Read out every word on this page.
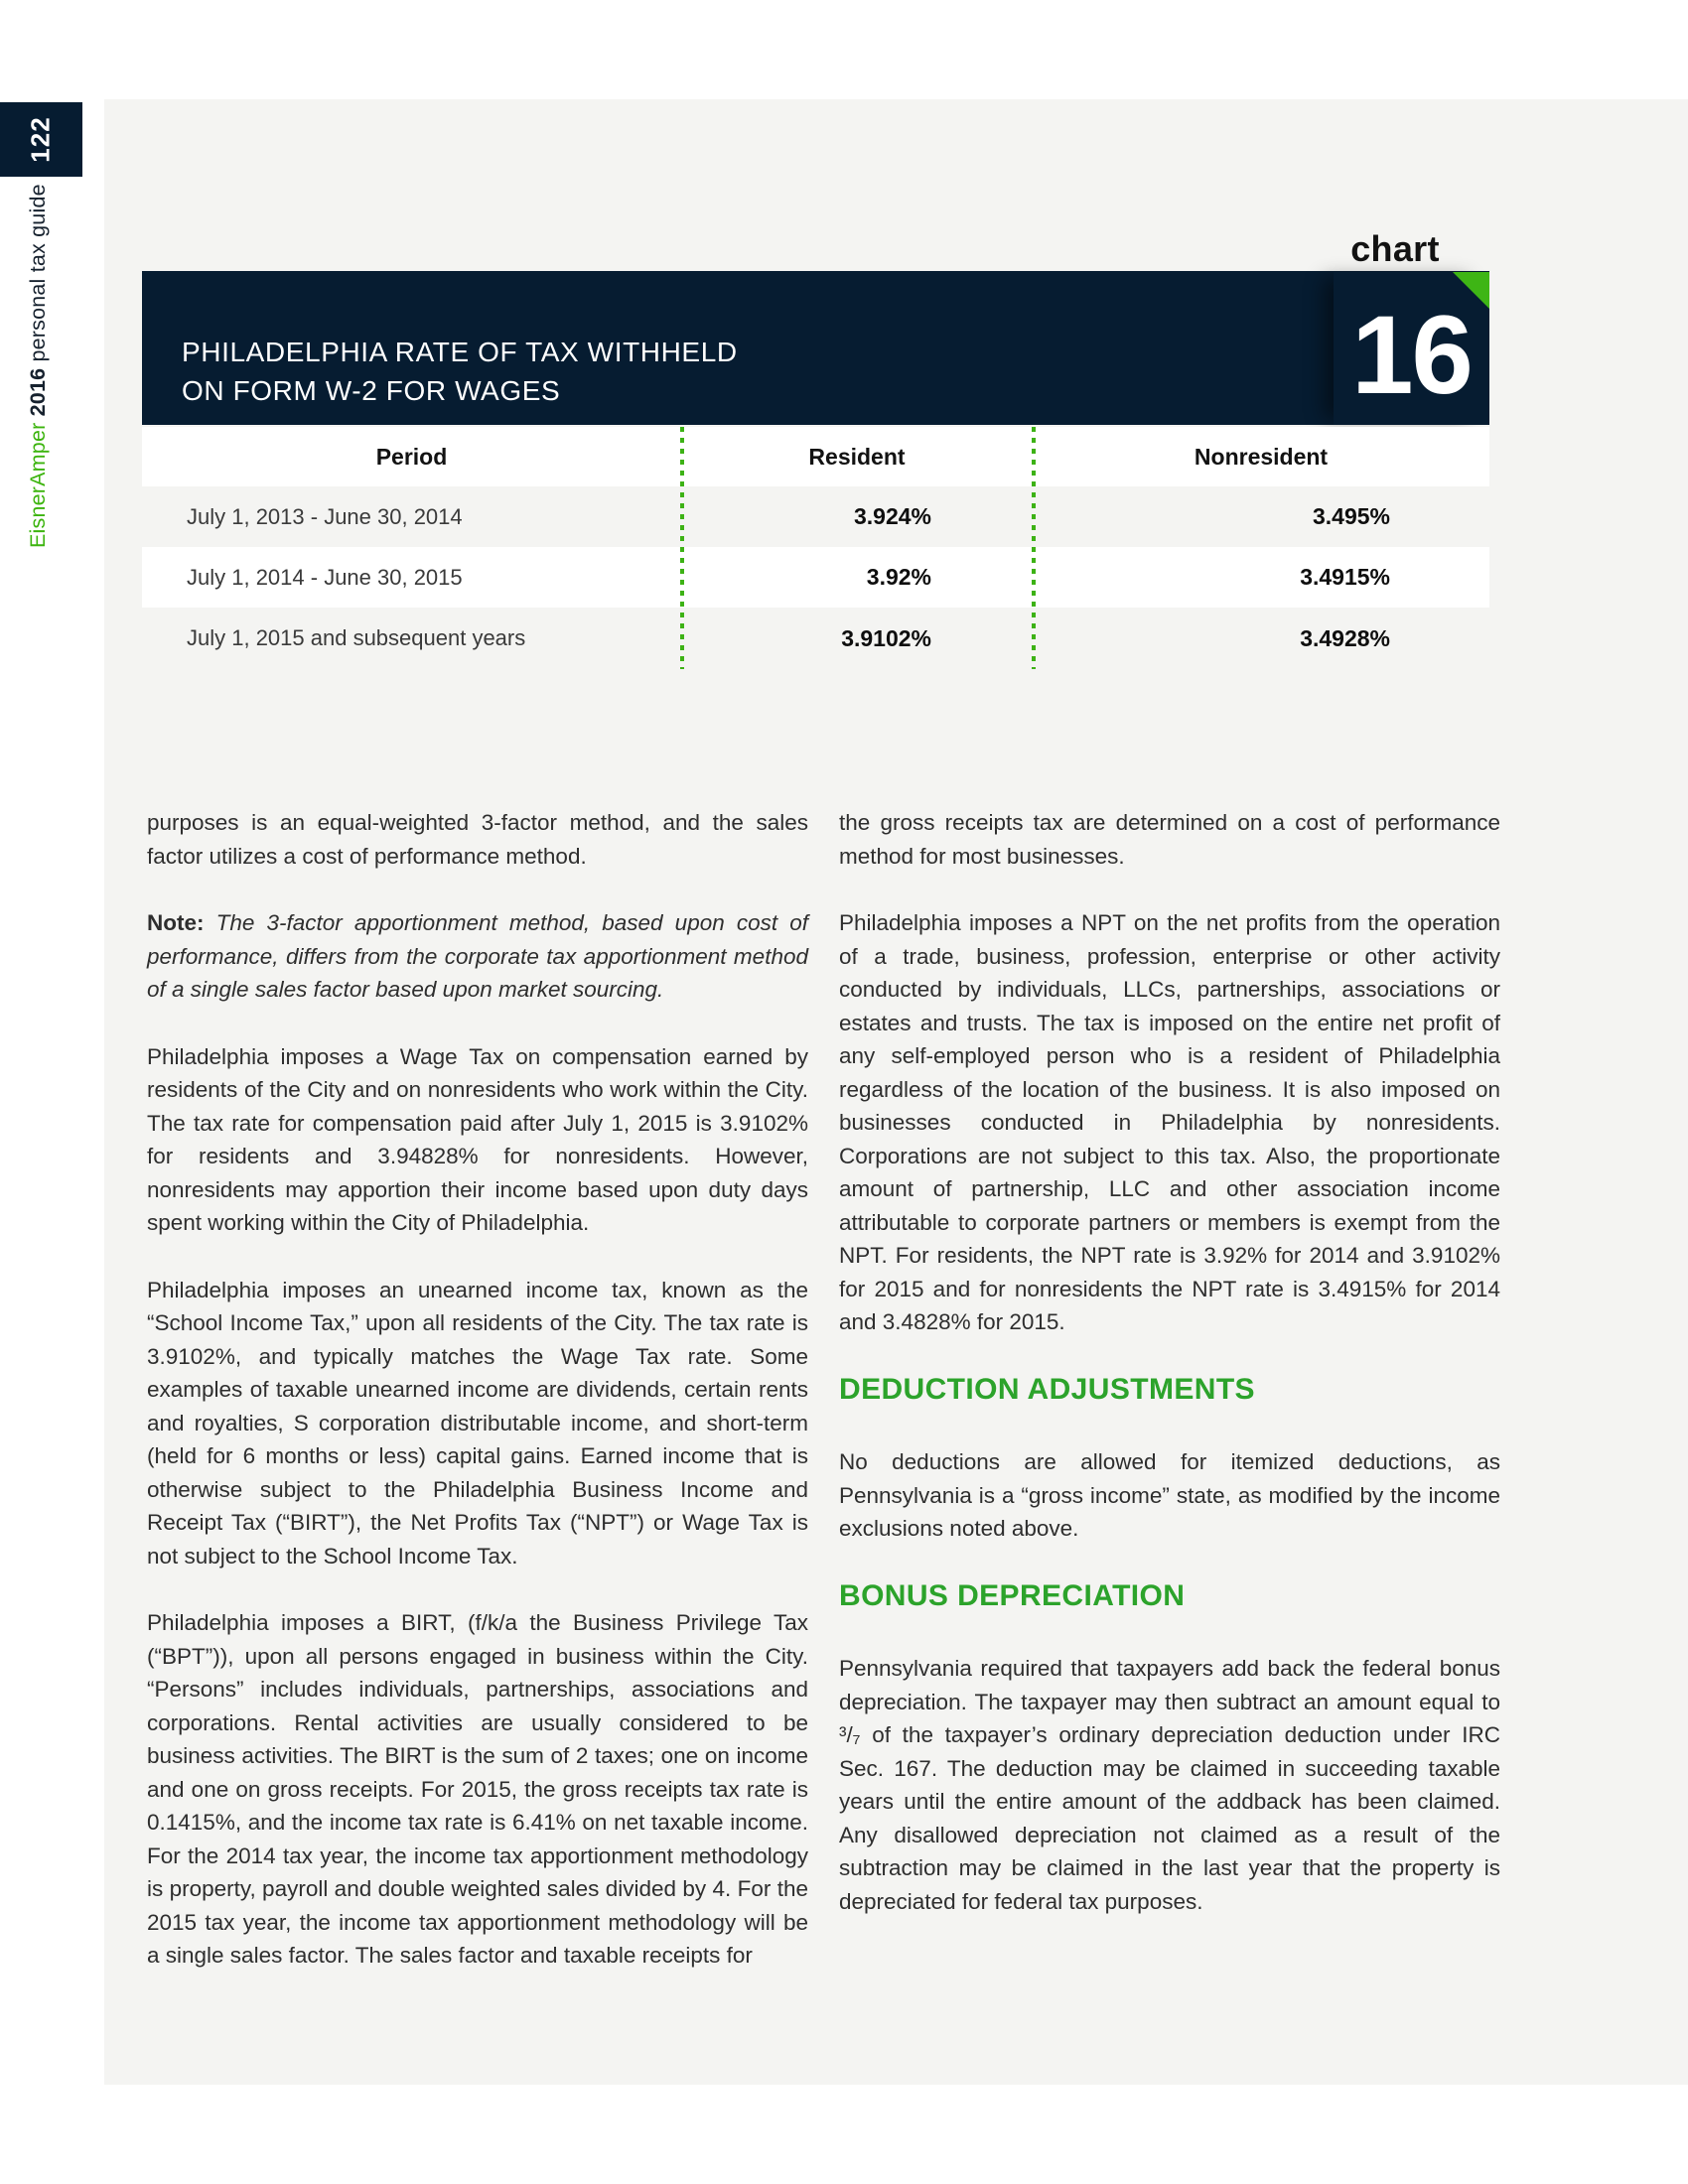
122
EisnerAmper 2016 personal tax guide	chart
PHILADELPHIA RATE OF TAX WITHHELD
ON FORM W-2 FOR WAGES	16
Period	Resident	Nonresident
July 1, 2013 - June 30, 2014	3.924%	3.495%
July 1, 2014 - June 30, 2015	3.92%	3.4915%
July 1, 2015 and subsequent years	3.9102%	3.4928%

purposes is an equal-weighted 3-factor method, and the sales factor utilizes a cost of performance method.

Note: The 3-factor apportionment method, based upon cost of performance, differs from the corporate tax apportionment method of a single sales factor based upon market sourcing.

Philadelphia imposes a Wage Tax on compensation earned by residents of the City and on nonresidents who work within the City. The tax rate for compensation paid after July 1, 2015 is 3.9102% for residents and 3.94828% for nonresidents. However, nonresidents may apportion their income based upon duty days spent working within the City of Philadelphia.

Philadelphia imposes an unearned income tax, known as the “School Income Tax,” upon all residents of the City. The tax rate is 3.9102%, and typically matches the Wage Tax rate. Some examples of taxable unearned income are dividends, certain rents and royalties, S corporation distributable income, and short-term (held for 6 months or less) capital gains. Earned income that is otherwise subject to the Philadelphia Business Income and Receipt Tax (“BIRT”), the Net Profits Tax (“NPT”) or Wage Tax is not subject to the School Income Tax.

Philadelphia imposes a BIRT, (f/k/a the Business Privilege Tax (“BPT”)), upon all persons engaged in business within the City. “Persons” includes individuals, partnerships, associations and corporations. Rental activities are usually considered to be business activities. The BIRT is the sum of 2 taxes; one on income and one on gross receipts. For 2015, the gross receipts tax rate is 0.1415%, and the income tax rate is 6.41% on net taxable income. For the 2014 tax year, the income tax apportionment methodology is property, payroll and double weighted sales divided by 4. For the 2015 tax year, the income tax apportionment methodology will be a single sales factor. The sales factor and taxable receipts for

the gross receipts tax are determined on a cost of performance method for most businesses.

Philadelphia imposes a NPT on the net profits from the operation of a trade, business, profession, enterprise or other activity conducted by individuals, LLCs, partnerships, associations or estates and trusts. The tax is imposed on the entire net profit of any self-employed person who is a resident of Philadelphia regardless of the location of the business. It is also imposed on businesses conducted in Philadelphia by nonresidents. Corporations are not subject to this tax. Also, the proportionate amount of partnership, LLC and other association income attributable to corporate partners or members is exempt from the NPT. For residents, the NPT rate is 3.92% for 2014 and 3.9102% for 2015 and for nonresidents the NPT rate is 3.4915% for 2014 and 3.4828% for 2015.

DEDUCTION ADJUSTMENTS

No deductions are allowed for itemized deductions, as Pennsylvania is a “gross income” state, as modified by the income exclusions noted above.

BONUS DEPRECIATION

Pennsylvania required that taxpayers add back the federal bonus depreciation. The taxpayer may then subtract an amount equal to ³/₇ of the taxpayer’s ordinary depreciation deduction under IRC Sec. 167. The deduction may be claimed in succeeding taxable years until the entire amount of the addback has been claimed. Any disallowed depreciation not claimed as a result of the subtraction may be claimed in the last year that the property is depreciated for federal tax purposes.
